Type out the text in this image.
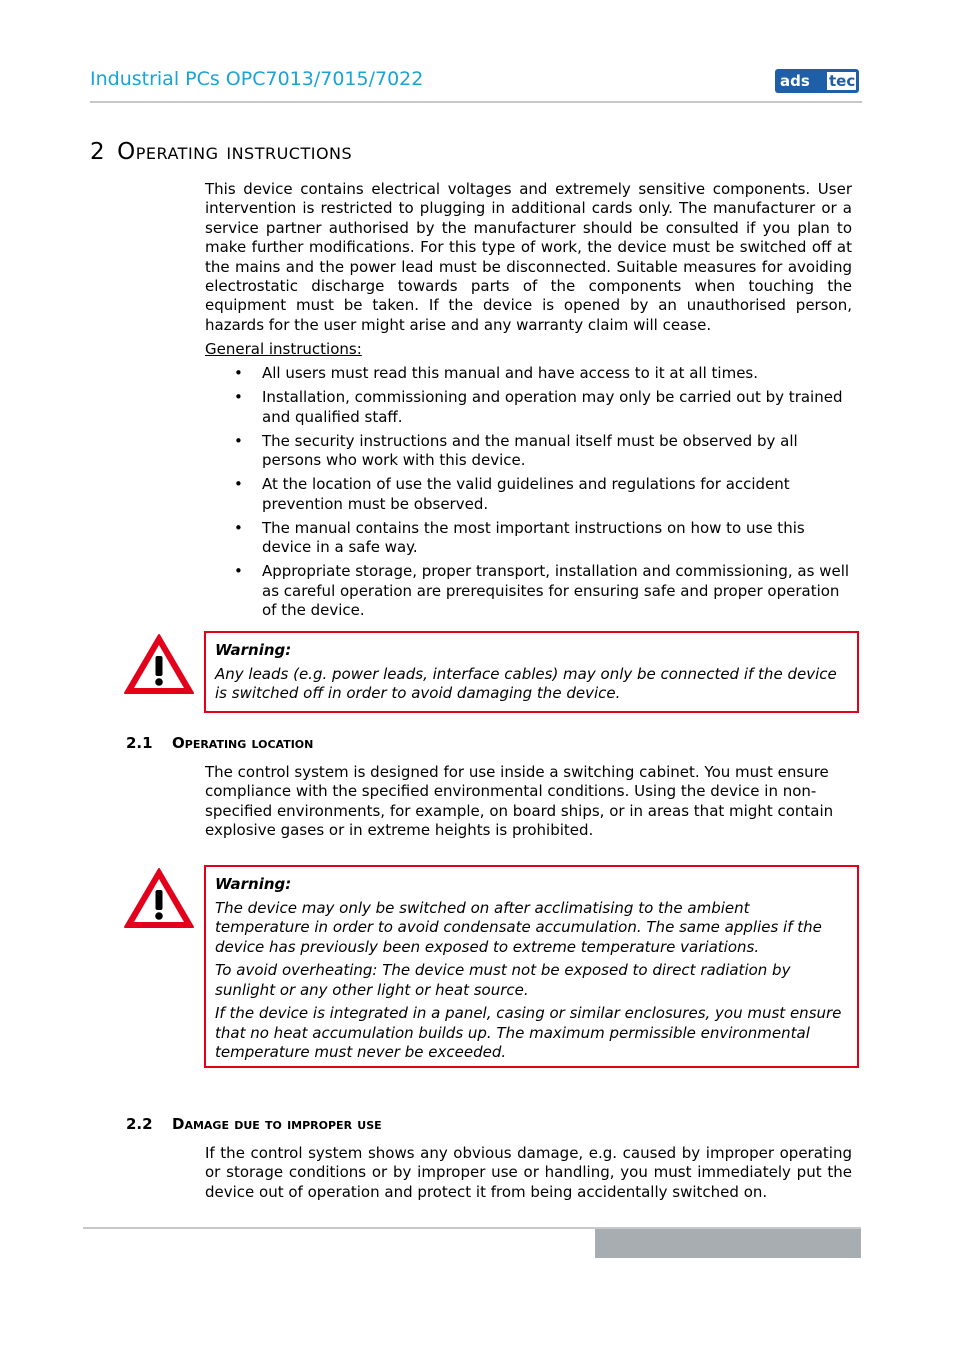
Industrial PCs OPC7013/7015/7022	ads tec
2 Operating instructions

This device contains electrical voltages and extremely sensitive components. User intervention is restricted to plugging in additional cards only. The manufacturer or a service partner authorised by the manufacturer should be consulted if you plan to make further modifications. For this type of work, the device must be switched off at the mains and the power lead must be disconnected. Suitable measures for avoiding electrostatic discharge towards parts of the components when touching the equipment must be taken. If the device is opened by an unauthorised person, hazards for the user might arise and any warranty claim will cease.

General instructions:
• All users must read this manual and have access to it at all times.
• Installation, commissioning and operation may only be carried out by trained and qualified staff.
• The security instructions and the manual itself must be observed by all persons who work with this device.
• At the location of use the valid guidelines and regulations for accident prevention must be observed.
• The manual contains the most important instructions on how to use this device in a safe way.
• Appropriate storage, proper transport, installation and commissioning, as well as careful operation are prerequisites for ensuring safe and proper operation of the device.
Warning:

Any leads (e.g. power leads, interface cables) may only be connected if the device is switched off in order to avoid damaging the device.

2.1 Operating location

The control system is designed for use inside a switching cabinet. You must ensure compliance with the specified environmental conditions. Using the device in non-specified environments, for example, on board ships, or in areas that might contain explosive gases or in extreme heights is prohibited.

Warning:

The device may only be switched on after acclimatising to the ambient temperature in order to avoid condensate accumulation. The same applies if the device has previously been exposed to extreme temperature variations.

To avoid overheating: The device must not be exposed to direct radiation by sunlight or any other light or heat source.

If the device is integrated in a panel, casing or similar enclosures, you must ensure that no heat accumulation builds up. The maximum permissible environmental temperature must never be exceeded.

2.2 Damage due to improper use

If the control system shows any obvious damage, e.g. caused by improper operating or storage conditions or by improper use or handling, you must immediately put the device out of operation and protect it from being accidentally switched on.
